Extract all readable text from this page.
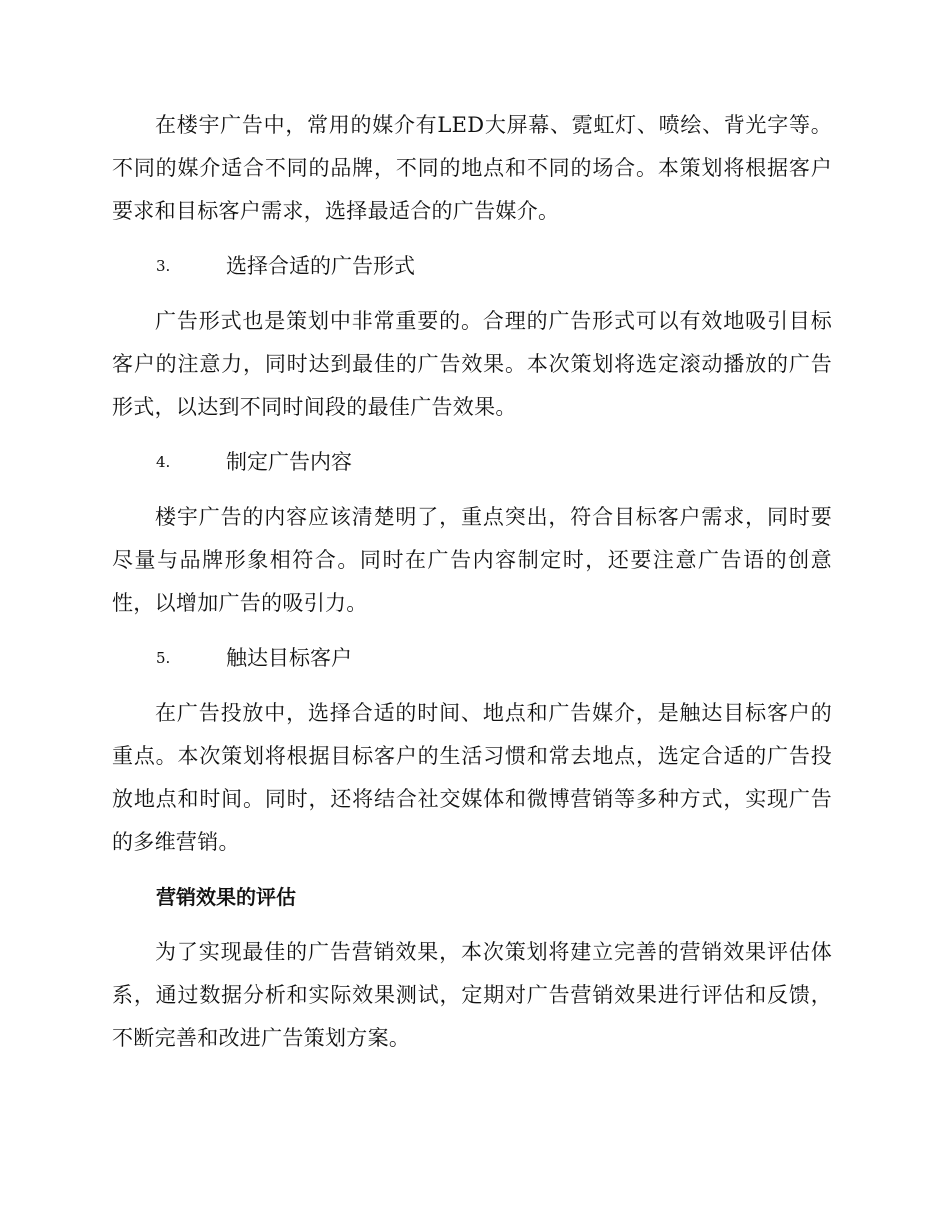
在楼宇广告中，常用的媒介有LED大屏幕、霓虹灯、喷绘、背光字等。不同的媒介适合不同的品牌，不同的地点和不同的场合。本策划将根据客户要求和目标客户需求，选择最适合的广告媒介。

3.	选择合适的广告形式

广告形式也是策划中非常重要的。合理的广告形式可以有效地吸引目标客户的注意力，同时达到最佳的广告效果。本次策划将选定滚动播放的广告形式，以达到不同时间段的最佳广告效果。

4.	制定广告内容

楼宇广告的内容应该清楚明了，重点突出，符合目标客户需求，同时要尽量与品牌形象相符合。同时在广告内容制定时，还要注意广告语的创意性，以增加广告的吸引力。

5.	触达目标客户

在广告投放中，选择合适的时间、地点和广告媒介，是触达目标客户的重点。本次策划将根据目标客户的生活习惯和常去地点，选定合适的广告投放地点和时间。同时，还将结合社交媒体和微博营销等多种方式，实现广告的多维营销。

营销效果的评估

为了实现最佳的广告营销效果，本次策划将建立完善的营销效果评估体系，通过数据分析和实际效果测试，定期对广告营销效果进行评估和反馈，不断完善和改进广告策划方案。
